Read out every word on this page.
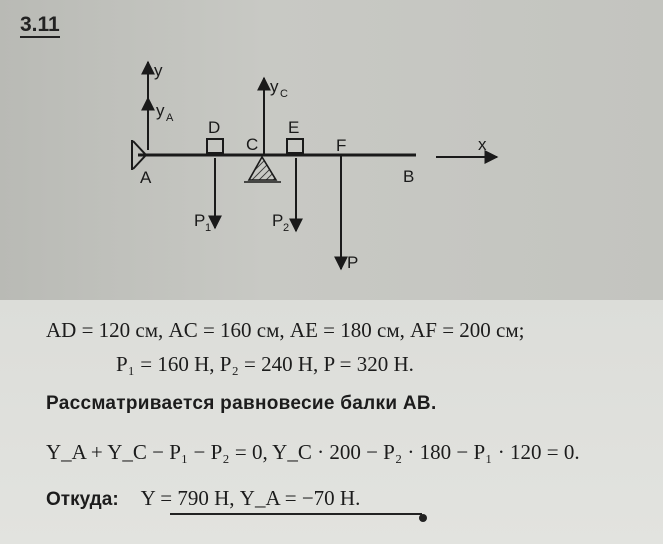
3.11
y
y A
y C
A
D
C
E
F
B
x
P 1	P 2
P
AD = 120 см, AC = 160 см, AE = 180 см, AF = 200 см;
P₁ = 160 Н, P₂ = 240 Н, P = 320 Н.
Рассматривается равновесие балки AB.
Y_A + Y_C − P₁ − P₂ = 0, Y_C · 200 − P₂ · 180 − P₁ · 120 = 0.
Откуда: Y = 790 Н, Y_A = −70 Н.
